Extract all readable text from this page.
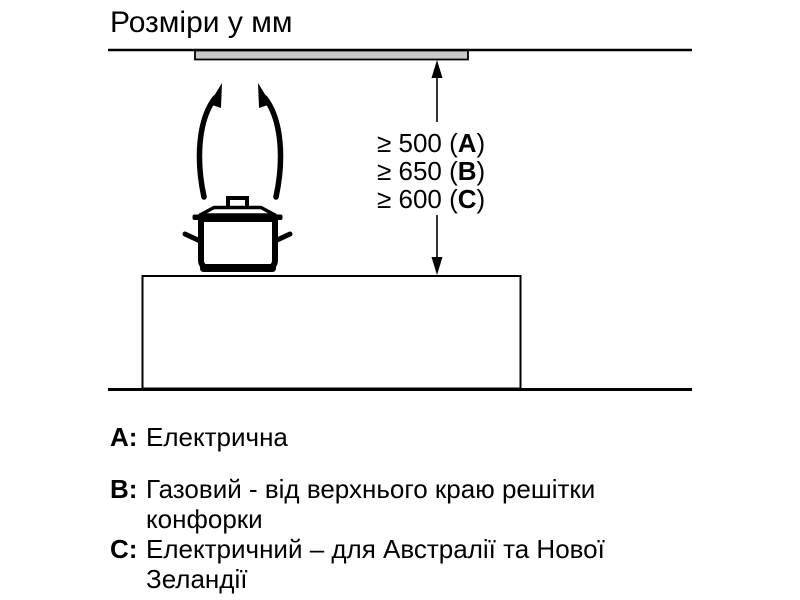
Розміри у мм
≥ 500 (A)
≥ 650 (B)
≥ 600 (C)
A: Електрична
B: Газовий - від верхнього краю решітки конфорки
C: Електричний – для Австралії та Нової Зеландії
